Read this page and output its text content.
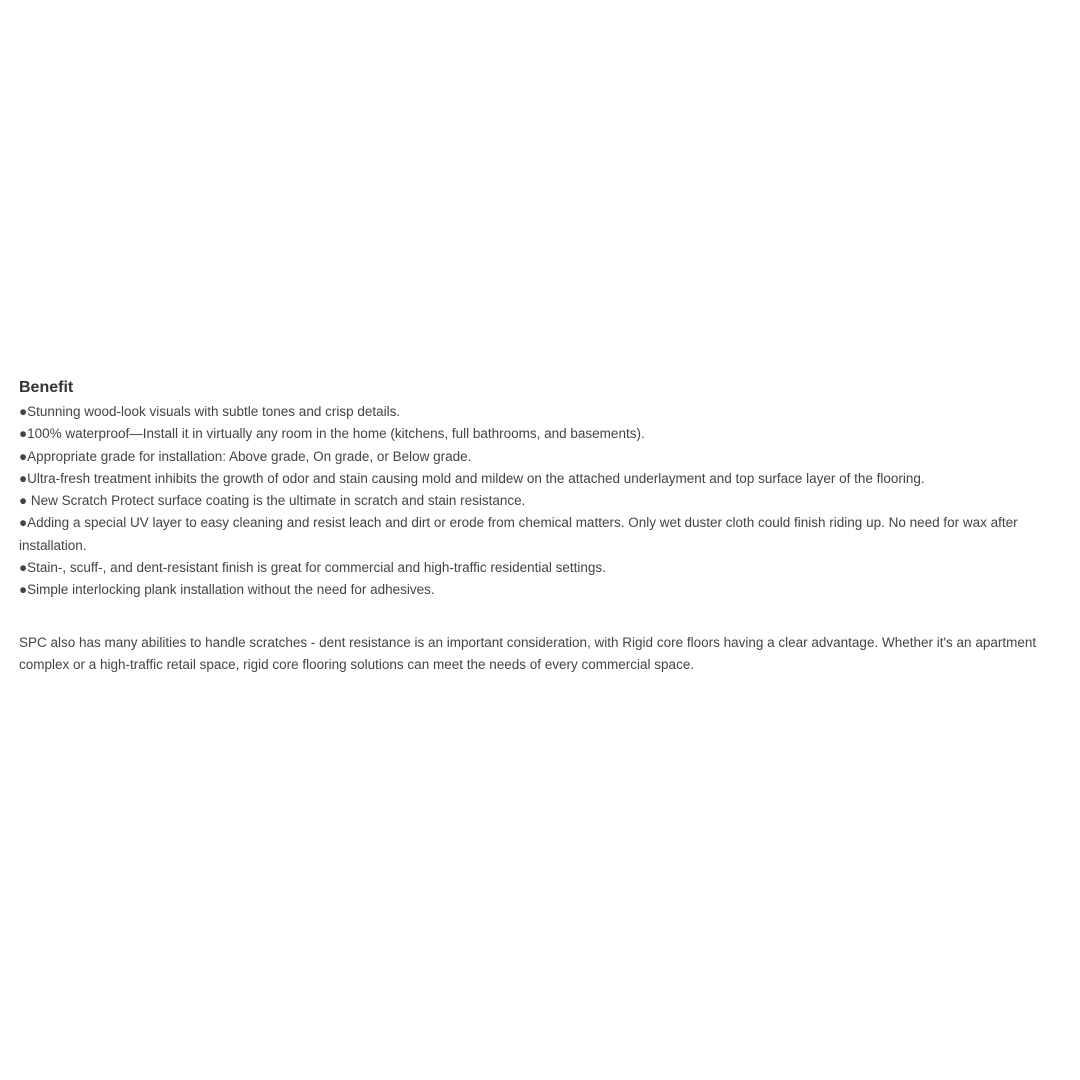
Benefit
●Stunning wood-look visuals with subtle tones and crisp details.
●100% waterproof—Install it in virtually any room in the home (kitchens, full bathrooms, and basements).
●Appropriate grade for installation: Above grade, On grade, or Below grade.
●Ultra-fresh treatment inhibits the growth of odor and stain causing mold and mildew on the attached underlayment and top surface layer of the flooring.
● New Scratch Protect surface coating is the ultimate in scratch and stain resistance.
●Adding a special UV layer to easy cleaning and resist leach and dirt or erode from chemical matters. Only wet duster cloth could finish riding up. No need for wax after installation.
●Stain-, scuff-, and dent-resistant finish is great for commercial and high-traffic residential settings.
●Simple interlocking plank installation without the need for adhesives.

SPC also has many abilities to handle scratches - dent resistance is an important consideration, with Rigid core floors having a clear advantage. Whether it's an apartment complex or a high-traffic retail space, rigid core flooring solutions can meet the needs of every commercial space.
